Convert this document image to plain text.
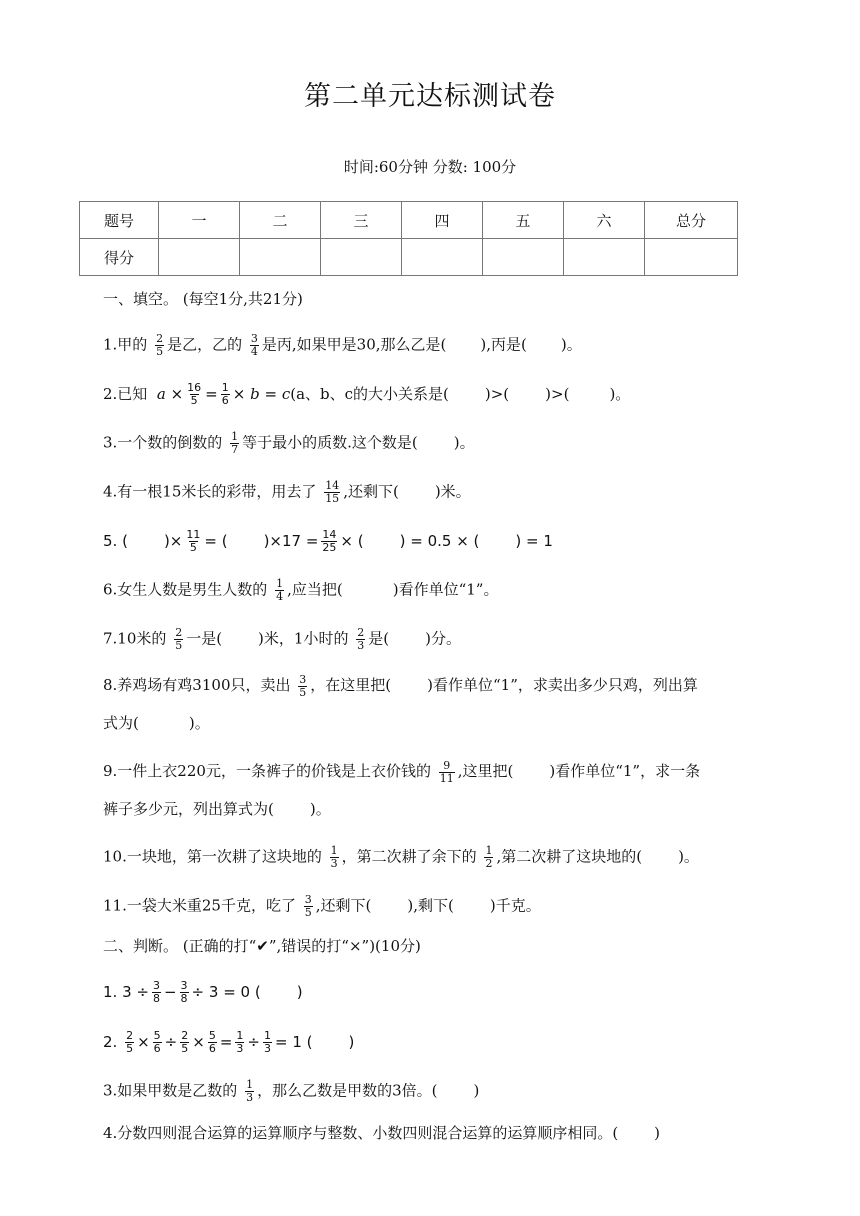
第二单元达标测试卷
时间:60分钟 分数: 100分
题号	一	二	三	四	五	六	总分
得分							
一、填空。 (每空1分,共21分)
1.甲的 $\frac{2}{5}$ 是乙，乙的 $\frac{3}{4}$ 是丙,如果甲是30,那么乙是( ),丙是( )。
2.已知 $a \times \frac{16}{5} = \frac{1}{6} \times b = c(a$、b、c的大小关系是( )>( )>(	)。
3.一个数的倒数的 $\frac{1}{7}$ 等于最小的质数.这个数是( )。
4.有一根15米长的彩带，用去了 $\frac{14}{15}$ ,还剩下( )米。
5. ( )× $\frac{11}{5}$ = ( )$\times 17 = \frac{14}{25}$ × ( ) = 0.5 × ( ) = 1
6.女生人数是男生人数的 $\frac{1}{4}$ ,应当把(	)看作单位“1”。
7.10米的 $\frac{2}{5}$ 一是( )米，1小时的 $\frac{2}{3}$ 是( )分。
8.养鸡场有鸡3100只，卖出 $\frac{3}{5}$ ，在这里把( )看作单位“1”，求卖出多少只鸡，列出算
式为(	)。
9.一件上衣220元，一条裤子的价钱是上衣价钱的 $\frac{9}{11}$ ,这里把( )看作单位“1”，求一条
裤子多少元，列出算式为( )。
10.一块地，第一次耕了这块地的 $\frac{1}{3}$ ，第二次耕了余下的 $\frac{1}{2}$ ,第二次耕了这块地的( )。
11.一袋大米重25千克，吃了 $\frac{3}{5}$ ,还剩下( ),剩下( )千克。
二、判断。 (正确的打“✔”,错误的打“×”)(10分)
1. $3 \div \frac{3}{8} - \frac{3}{8} \div 3 = 0$ ( )
2. $\frac{2}{5} \times \frac{5}{6} \div \frac{2}{5} \times \frac{5}{6} = \frac{1}{3} \div \frac{1}{3} = 1$ ( )
3.如果甲数是乙数的 $\frac{1}{3}$ ，那么乙数是甲数的3倍。( )
4.分数四则混合运算的运算顺序与整数、小数四则混合运算的运算顺序相同。( )
